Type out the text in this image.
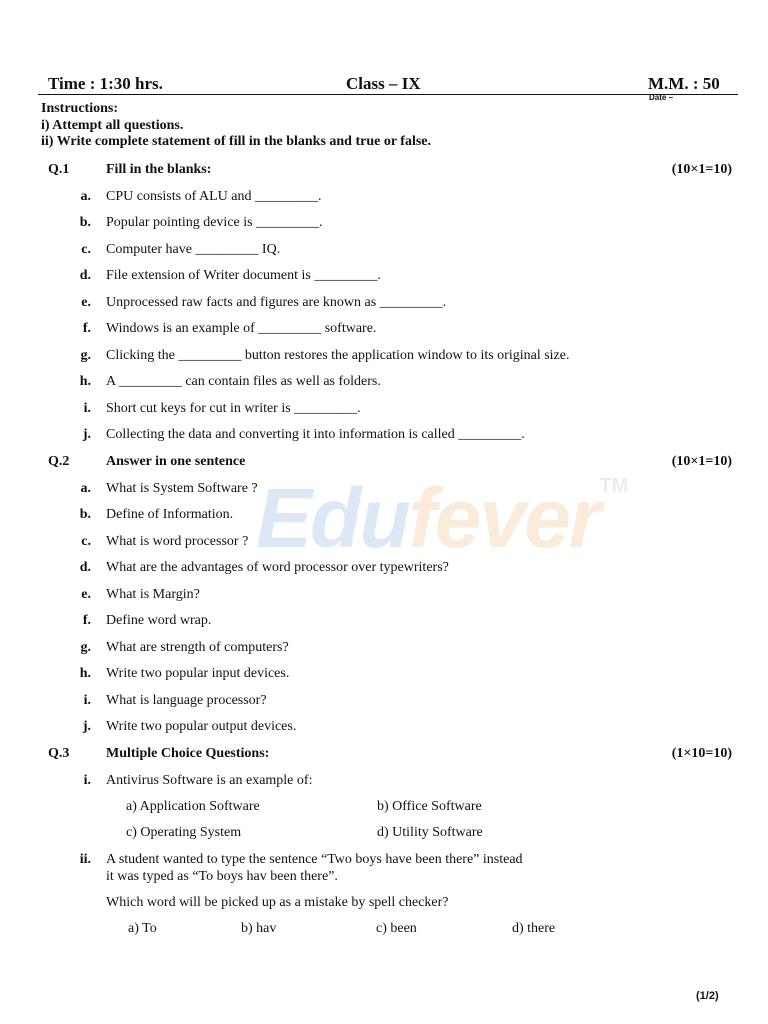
Edufever™
Time : 1:30 hrs.	Class – IX	M.M. : 50
Date –
Instructions:
i) Attempt all questions.
ii) Write complete statement of fill in the blanks and true or false.
Q.1	Fill in the blanks:	(10×1=10)
a. CPU consists of ALU and _________.
b. Popular pointing device is _________.
c. Computer have _________ IQ.
d. File extension of Writer document is _________.
e. Unprocessed raw facts and figures are known as _________.
f. Windows is an example of _________ software.
g. Clicking the _________ button restores the application window to its original size.
h. A _________ can contain files as well as folders.
i. Short cut keys for cut in writer is _________.
j. Collecting the data and converting it into information is called _________.
Q.2	Answer in one sentence	(10×1=10)
a. What is System Software ?
b. Define of Information.
c. What is word processor ?
d. What are the advantages of word processor over typewriters?
e. What is Margin?
f. Define word wrap.
g. What are strength of computers?
h. Write two popular input devices.
i. What is language processor?
j. Write two popular output devices.
Q.3	Multiple Choice Questions:	(1×10=10)
i. Antivirus Software is an example of:
a) Application Software	b) Office Software
c) Operating System	d) Utility Software
ii. A student wanted to type the sentence “Two boys have been there” instead
it was typed as “To boys hav been there”.
Which word will be picked up as a mistake by spell checker?
a) To	b) hav	c) been	d) there
(1/2)
